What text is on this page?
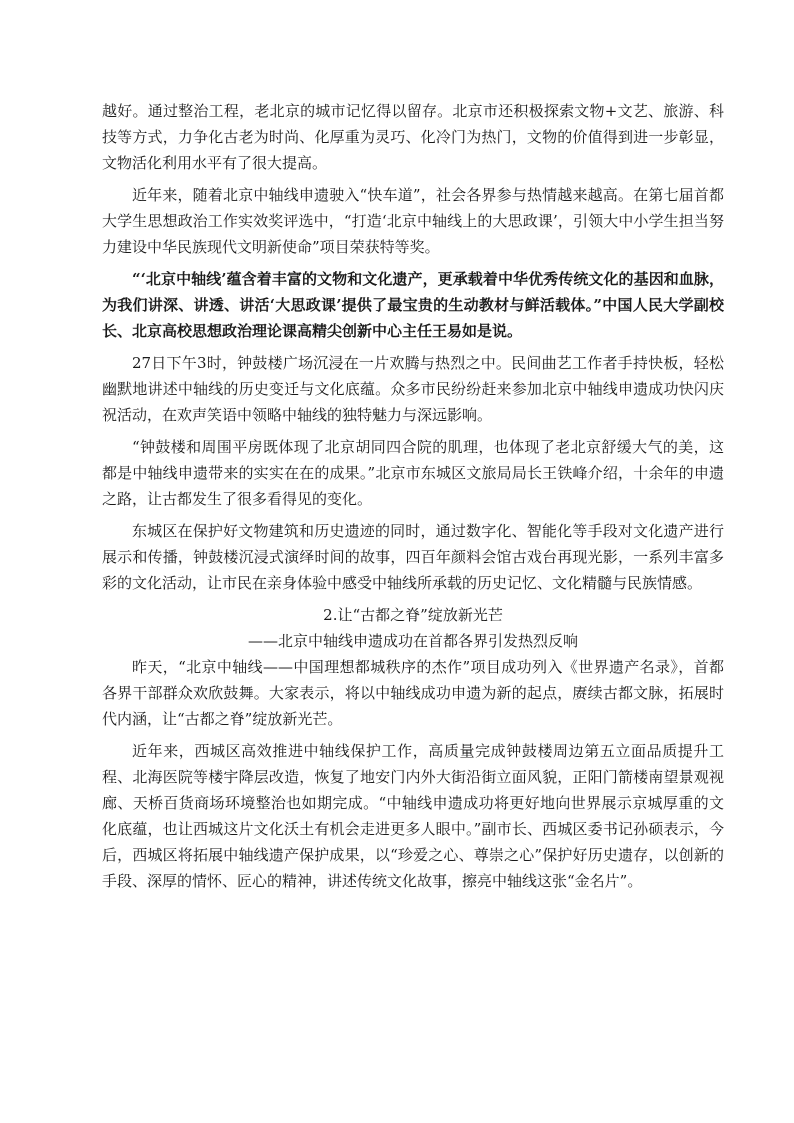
越好。通过整治工程，老北京的城市记忆得以留存。北京市还积极探索文物+文艺、旅游、科技等方式，力争化古老为时尚、化厚重为灵巧、化冷门为热门，文物的价值得到进一步彰显，文物活化利用水平有了很大提高。

近年来，随着北京中轴线申遗驶入“快车道”，社会各界参与热情越来越高。在第七届首都大学生思想政治工作实效奖评选中，“打造‘北京中轴线上的大思政课’，引领大中小学生担当努力建设中华民族现代文明新使命”项目荣获特等奖。

“‘北京中轴线’蕴含着丰富的文物和文化遗产，更承载着中华优秀传统文化的基因和血脉，为我们讲深、讲透、讲活‘大思政课’提供了最宝贵的生动教材与鲜活载体。”中国人民大学副校长、北京高校思想政治理论课高精尖创新中心主任王易如是说。

27日下午3时，钟鼓楼广场沉浸在一片欢腾与热烈之中。民间曲艺工作者手持快板，轻松幽默地讲述中轴线的历史变迁与文化底蕴。众多市民纷纷赶来参加北京中轴线申遗成功快闪庆祝活动，在欢声笑语中领略中轴线的独特魅力与深远影响。

“钟鼓楼和周围平房既体现了北京胡同四合院的肌理，也体现了老北京舒缓大气的美，这都是中轴线申遗带来的实实在在的成果。”北京市东城区文旅局局长王铁峰介绍，十余年的申遗之路，让古都发生了很多看得见的变化。

东城区在保护好文物建筑和历史遗迹的同时，通过数字化、智能化等手段对文化遗产进行展示和传播，钟鼓楼沉浸式演绎时间的故事，四百年颜料会馆古戏台再现光影，一系列丰富多彩的文化活动，让市民在亲身体验中感受中轴线所承载的历史记忆、文化精髓与民族情感。

2.让“古都之脊”绽放新光芒

——北京中轴线申遗成功在首都各界引发热烈反响

昨天，“北京中轴线——中国理想都城秩序的杰作”项目成功列入《世界遗产名录》，首都各界干部群众欢欣鼓舞。大家表示，将以中轴线成功申遗为新的起点，赓续古都文脉，拓展时代内涵，让“古都之脊”绽放新光芒。

近年来，西城区高效推进中轴线保护工作，高质量完成钟鼓楼周边第五立面品质提升工程、北海医院等楼宇降层改造，恢复了地安门内外大街沿街立面风貌，正阳门箭楼南望景观视廊、天桥百货商场环境整治也如期完成。“中轴线申遗成功将更好地向世界展示京城厚重的文化底蕴，也让西城这片文化沃土有机会走进更多人眼中。”副市长、西城区委书记孙硕表示，今后，西城区将拓展中轴线遗产保护成果，以“珍爱之心、尊崇之心”保护好历史遗存，以创新的手段、深厚的情怀、匠心的精神，讲述传统文化故事，擦亮中轴线这张“金名片”。
